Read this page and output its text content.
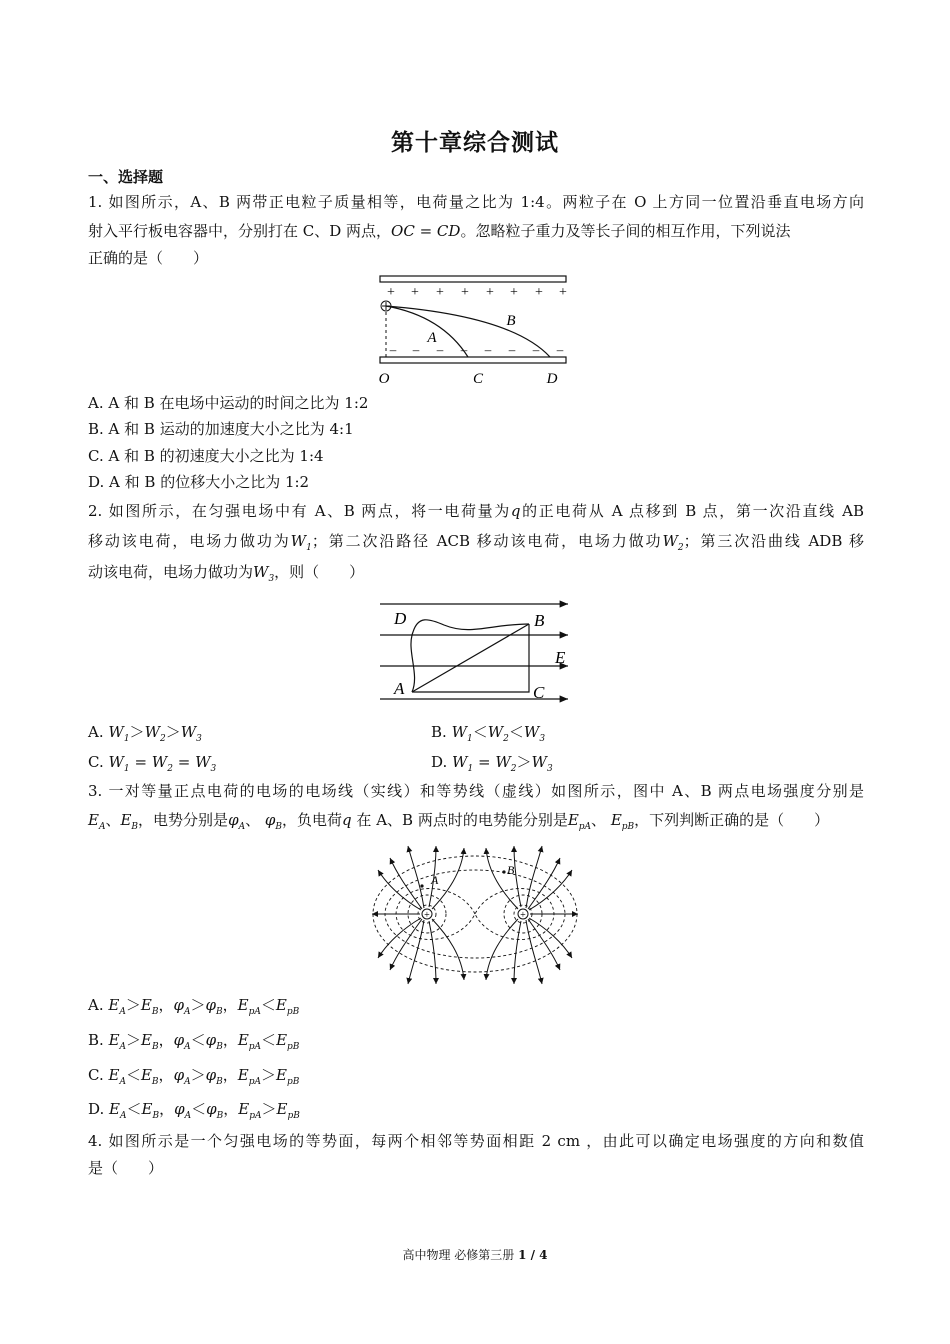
第十章综合测试
一、选择题
1. 如图所示，A、B 两带正电粒子质量相等，电荷量之比为 1:4。两粒子在 O 上方同一位置沿垂直电场方向
射入平行板电容器中，分别打在 C、D 两点，OC = CD。忽略粒子重力及等长子间的相互作用，下列说法
正确的是（　　）
+ + + + + + + +
– – – – – – – –
A
B
O	C	D
A. A 和 B 在电场中运动的时间之比为 1:2
B. A 和 B 运动的加速度大小之比为 4:1
C. A 和 B 的初速度大小之比为 1:4
D. A 和 B 的位移大小之比为 1:2
2. 如图所示，在匀强电场中有 A、B 两点，将一电荷量为q的正电荷从 A 点移到 B 点，第一次沿直线 AB
移动该电荷，电场力做功为$W_1$；第二次沿路径 ACB 移动该电荷，电场力做功$W_2$；第三次沿曲线 ADB 移
动该电荷，电场力做功为$W_3$，则（　　）
D	B
E
A	C
A. $W_1>W_2>W_3$	B. $W_1<W_2<W_3$
C. $W_1 = W_2 = W_3$	D. $W_1 = W_2>W_3$
3. 一对等量正点电荷的电场的电场线（实线）和等势线（虚线）如图所示，图中 A、B 两点电场强度分别是
$E_A$、$E_B$，电势分别是$\varphi_A$、 $\varphi_B$，负电荷q 在 A、B 两点时的电势能分别是$E_{pA}$、 $E_{pB}$，下列判断正确的是（　　）
+	+
A
B
A. $E_A>E_B$，$\varphi_A>\varphi_B$，$E_{pA}<E_{pB}$
B. $E_A>E_B$，$\varphi_A<\varphi_B$，$E_{pA}<E_{pB}$
C. $E_A<E_B$，$\varphi_A>\varphi_B$，$E_{pA}>E_{pB}$
D. $E_A<E_B$，$\varphi_A<\varphi_B$，$E_{pA}>E_{pB}$
4. 如图所示是一个匀强电场的等势面，每两个相邻等势面相距 2 cm ，由此可以确定电场强度的方向和数值
是（　　）
高中物理 必修第三册 1 / 4
